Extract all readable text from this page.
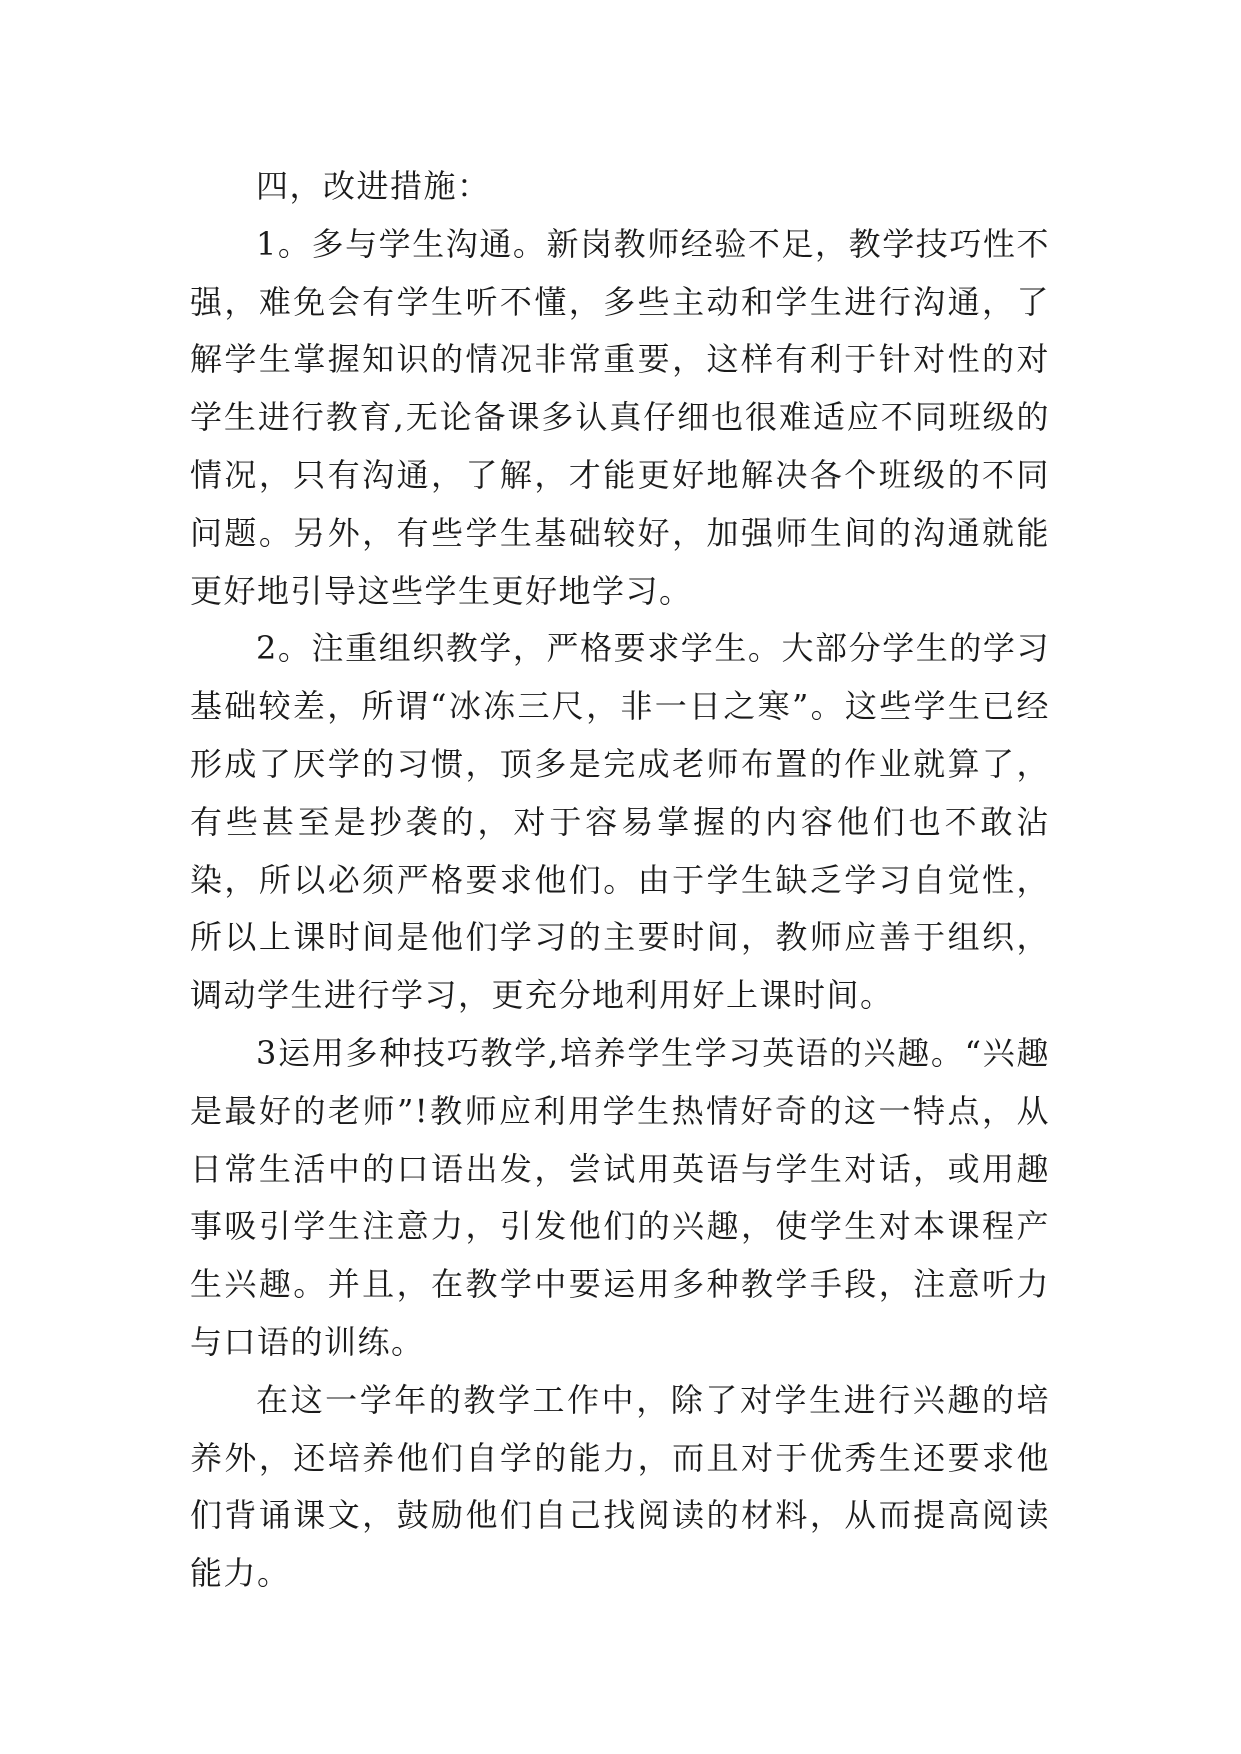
四，改进措施：

1。多与学生沟通。新岗教师经验不足，教学技巧性不强，难免会有学生听不懂，多些主动和学生进行沟通，了解学生掌握知识的情况非常重要，这样有利于针对性的对学生进行教育,无论备课多认真仔细也很难适应不同班级的情况，只有沟通，了解，才能更好地解决各个班级的不同问题。另外，有些学生基础较好，加强师生间的沟通就能更好地引导这些学生更好地学习。

2。注重组织教学，严格要求学生。大部分学生的学习基础较差，所谓“冰冻三尺，非一日之寒”。这些学生已经形成了厌学的习惯，顶多是完成老师布置的作业就算了，有些甚至是抄袭的，对于容易掌握的内容他们也不敢沾染，所以必须严格要求他们。由于学生缺乏学习自觉性，所以上课时间是他们学习的主要时间，教师应善于组织，调动学生进行学习，更充分地利用好上课时间。

3运用多种技巧教学,培养学生学习英语的兴趣。“兴趣是最好的老师”!教师应利用学生热情好奇的这一特点，从日常生活中的口语出发，尝试用英语与学生对话，或用趣事吸引学生注意力，引发他们的兴趣，使学生对本课程产生兴趣。并且，在教学中要运用多种教学手段，注意听力与口语的训练。

在这一学年的教学工作中，除了对学生进行兴趣的培养外，还培养他们自学的能力，而且对于优秀生还要求他们背诵课文，鼓励他们自己找阅读的材料，从而提高阅读能力。
